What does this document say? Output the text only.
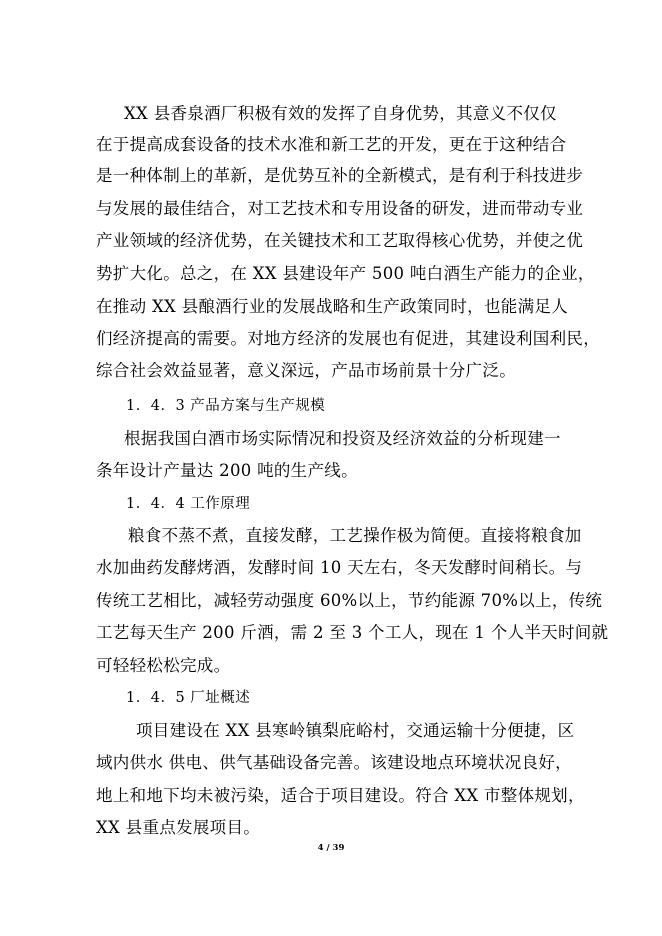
XX 县香泉酒厂积极有效的发挥了自身优势，其意义不仅仅
在于提高成套设备的技术水准和新工艺的开发，更在于这种结合
是一种体制上的革新，是优势互补的全新模式，是有利于科技进步
与发展的最佳结合，对工艺技术和专用设备的研发，进而带动专业
产业领域的经济优势，在关键技术和工艺取得核心优势，并使之优
势扩大化。总之，在 XX 县建设年产 500 吨白酒生产能力的企业，
在推动 XX 县酿酒行业的发展战略和生产政策同时，也能满足人
们经济提高的需要。对地方经济的发展也有促进，其建设利国利民，
综合社会效益显著，意义深远，产品市场前景十分广泛。
1．4．3 产品方案与生产规模
根据我国白酒市场实际情况和投资及经济效益的分析现建一
条年设计产量达 200 吨的生产线。
1．4．4 工作原理
粮食不蒸不煮，直接发酵，工艺操作极为简便。直接将粮食加
水加曲药发酵烤酒，发酵时间 10 天左右，冬天发酵时间稍长。与
传统工艺相比，减轻劳动强度 60%以上，节约能源 70%以上，传统
工艺每天生产 200 斤酒，需 2 至 3 个工人，现在 1 个人半天时间就
可轻轻松松完成。
1．4．5 厂址概述
项目建设在 XX 县寒岭镇梨庇峪村，交通运输十分便捷，区
域内供水 供电、供气基础设备完善。该建设地点环境状况良好，
地上和地下均未被污染，适合于项目建设。符合 XX 市整体规划，
XX 县重点发展项目。
4 / 39
